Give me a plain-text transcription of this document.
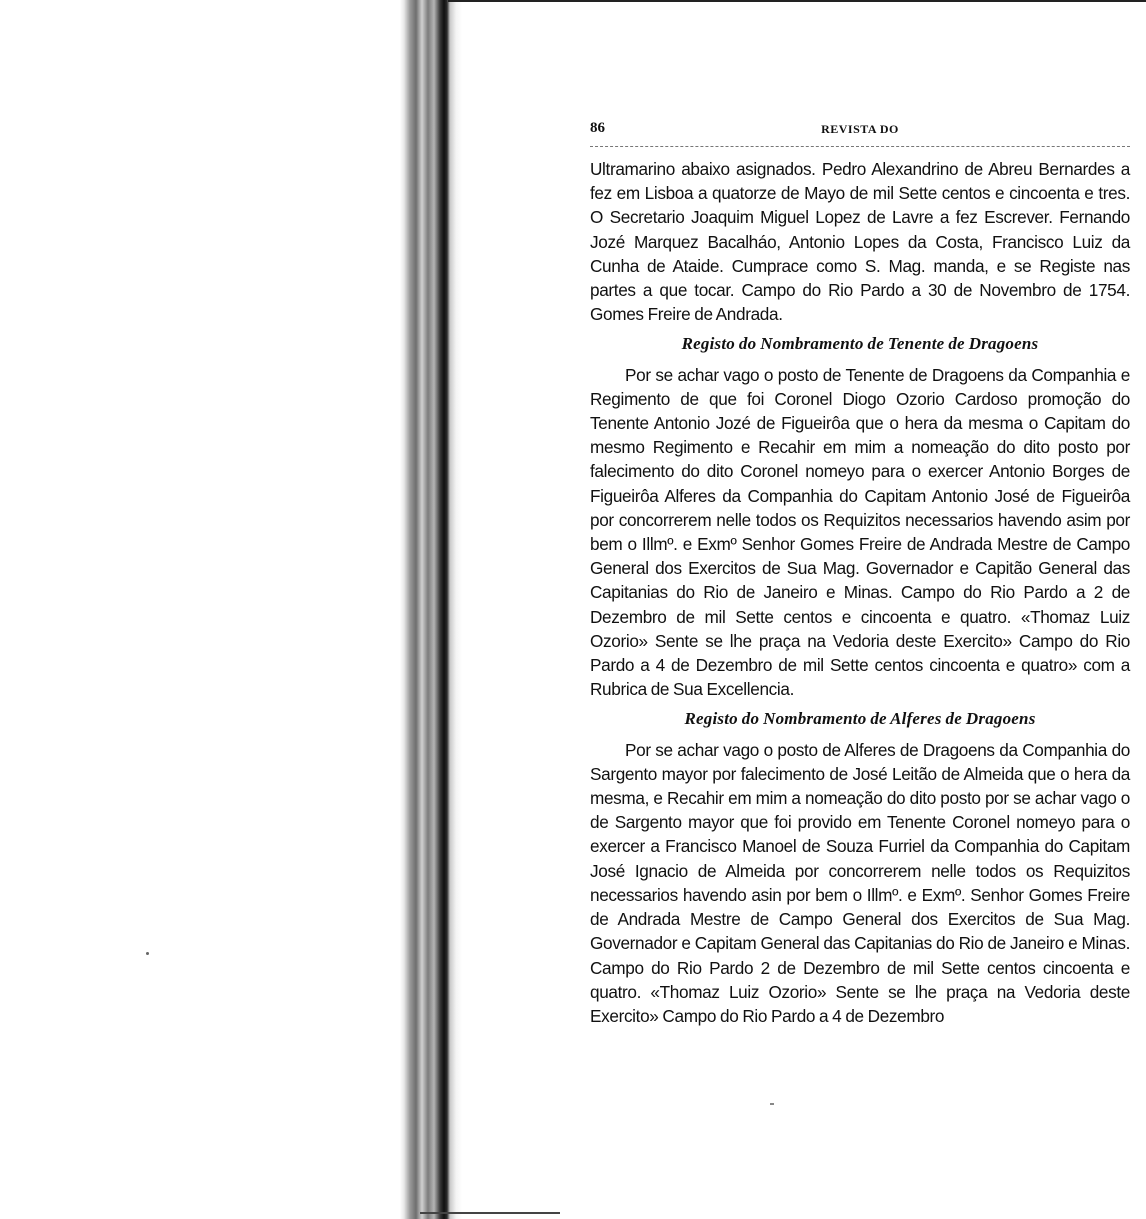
86	REVISTA DO

Ultramarino abaixo asignados. Pedro Alexandrino de Abreu Bernardes a fez em Lisboa a quatorze de Mayo de mil Sette centos e cincoenta e tres. O Secretario Joaquim Miguel Lopez de Lavre a fez Escrever. Fernando Jozé Marquez Bacalháo, Antonio Lopes da Costa, Francisco Luiz da Cunha de Ataide. Cumprace como S. Mag. manda, e se Registe nas partes a que tocar. Campo do Rio Pardo a 30 de Novembro de 1754. Gomes Freire de Andrada.

Registo do Nombramento de Tenente de Dragoens

Por se achar vago o posto de Tenente de Dragoens da Companhia e Regimento de que foi Coronel Diogo Ozorio Cardoso promoção do Tenente Antonio Jozé de Figueirôa que o hera da mesma o Capitam do mesmo Regimento e Recahir em mim a nomeação do dito posto por falecimento do dito Coronel nomeyo para o exercer Antonio Borges de Figueirôa Alferes da Companhia do Capitam Antonio José de Figueirôa por concorrerem nelle todos os Requizitos necessarios havendo asim por bem o Illmº. e Exmº Senhor Gomes Freire de Andrada Mestre de Campo General dos Exercitos de Sua Mag. Governador e Capitão General das Capitanias do Rio de Janeiro e Minas. Campo do Rio Pardo a 2 de Dezembro de mil Sette centos e cincoenta e quatro. «Thomaz Luiz Ozorio» Sente se lhe praça na Vedoria deste Exercito» Campo do Rio Pardo a 4 de Dezembro de mil Sette centos cincoenta e quatro» com a Rubrica de Sua Excellencia.

Registo do Nombramento de Alferes de Dragoens

Por se achar vago o posto de Alferes de Dragoens da Companhia do Sargento mayor por falecimento de José Leitão de Almeida que o hera da mesma, e Recahir em mim a nomeação do dito posto por se achar vago o de Sargento mayor que foi provido em Tenente Coronel nomeyo para o exercer a Francisco Manoel de Souza Furriel da Companhia do Capitam José Ignacio de Almeida por concorrerem nelle todos os Requizitos necessarios havendo asin por bem o Illmº. e Exmº. Senhor Gomes Freire de Andrada Mestre de Campo General dos Exercitos de Sua Mag. Governador e Capitam General das Capitanias do Rio de Janeiro e Minas. Campo do Rio Pardo 2 de Dezembro de mil Sette centos cincoenta e quatro. «Thomaz Luiz Ozorio» Sente se lhe praça na Vedoria deste Exercito» Campo do Rio Pardo a 4 de Dezembro
